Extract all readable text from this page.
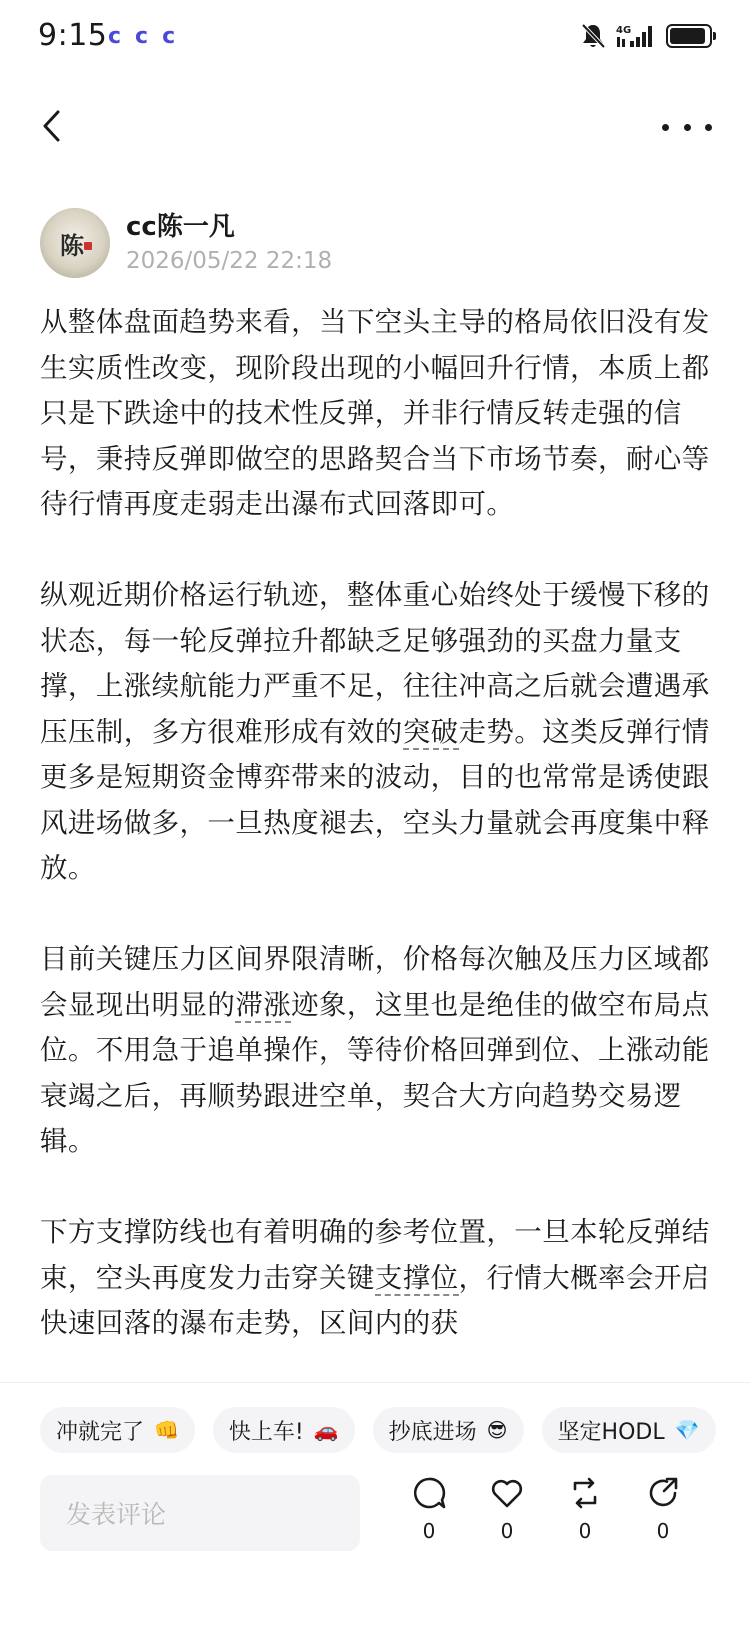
9:15 c c c	4G
陈
cc陈一凡
2026/05/22 22:18

从整体盘面趋势来看，当下空头主导的格局依旧没有发生实质性改变，现阶段出现的小幅回升行情，本质上都只是下跌途中的技术性反弹，并非行情反转走强的信号，秉持反弹即做空的思路契合当下市场节奏，耐心等待行情再度走弱走出瀑布式回落即可。

纵观近期价格运行轨迹，整体重心始终处于缓慢下移的状态，每一轮反弹拉升都缺乏足够强劲的买盘力量支撑，上涨续航能力严重不足，往往冲高之后就会遭遇承压压制，多方很难形成有效的突破走势。这类反弹行情更多是短期资金博弈带来的波动，目的也常常是诱使跟风进场做多，一旦热度褪去，空头力量就会再度集中释放。

目前关键压力区间界限清晰，价格每次触及压力区域都会显现出明显的滞涨迹象，这里也是绝佳的做空布局点位。不用急于追单操作，等待价格回弹到位、上涨动能衰竭之后，再顺势跟进空单，契合大方向趋势交易逻辑。

下方支撑防线也有着明确的参考位置，一旦本轮反弹结束，空头再度发力击穿关键支撑位，行情大概率会开启快速回落的瀑布走势，区间内的获

冲就完了 👊 快上车! 🚗 抄底进场 😎 坚定HODL 💎
发表评论
0	0	0	0
